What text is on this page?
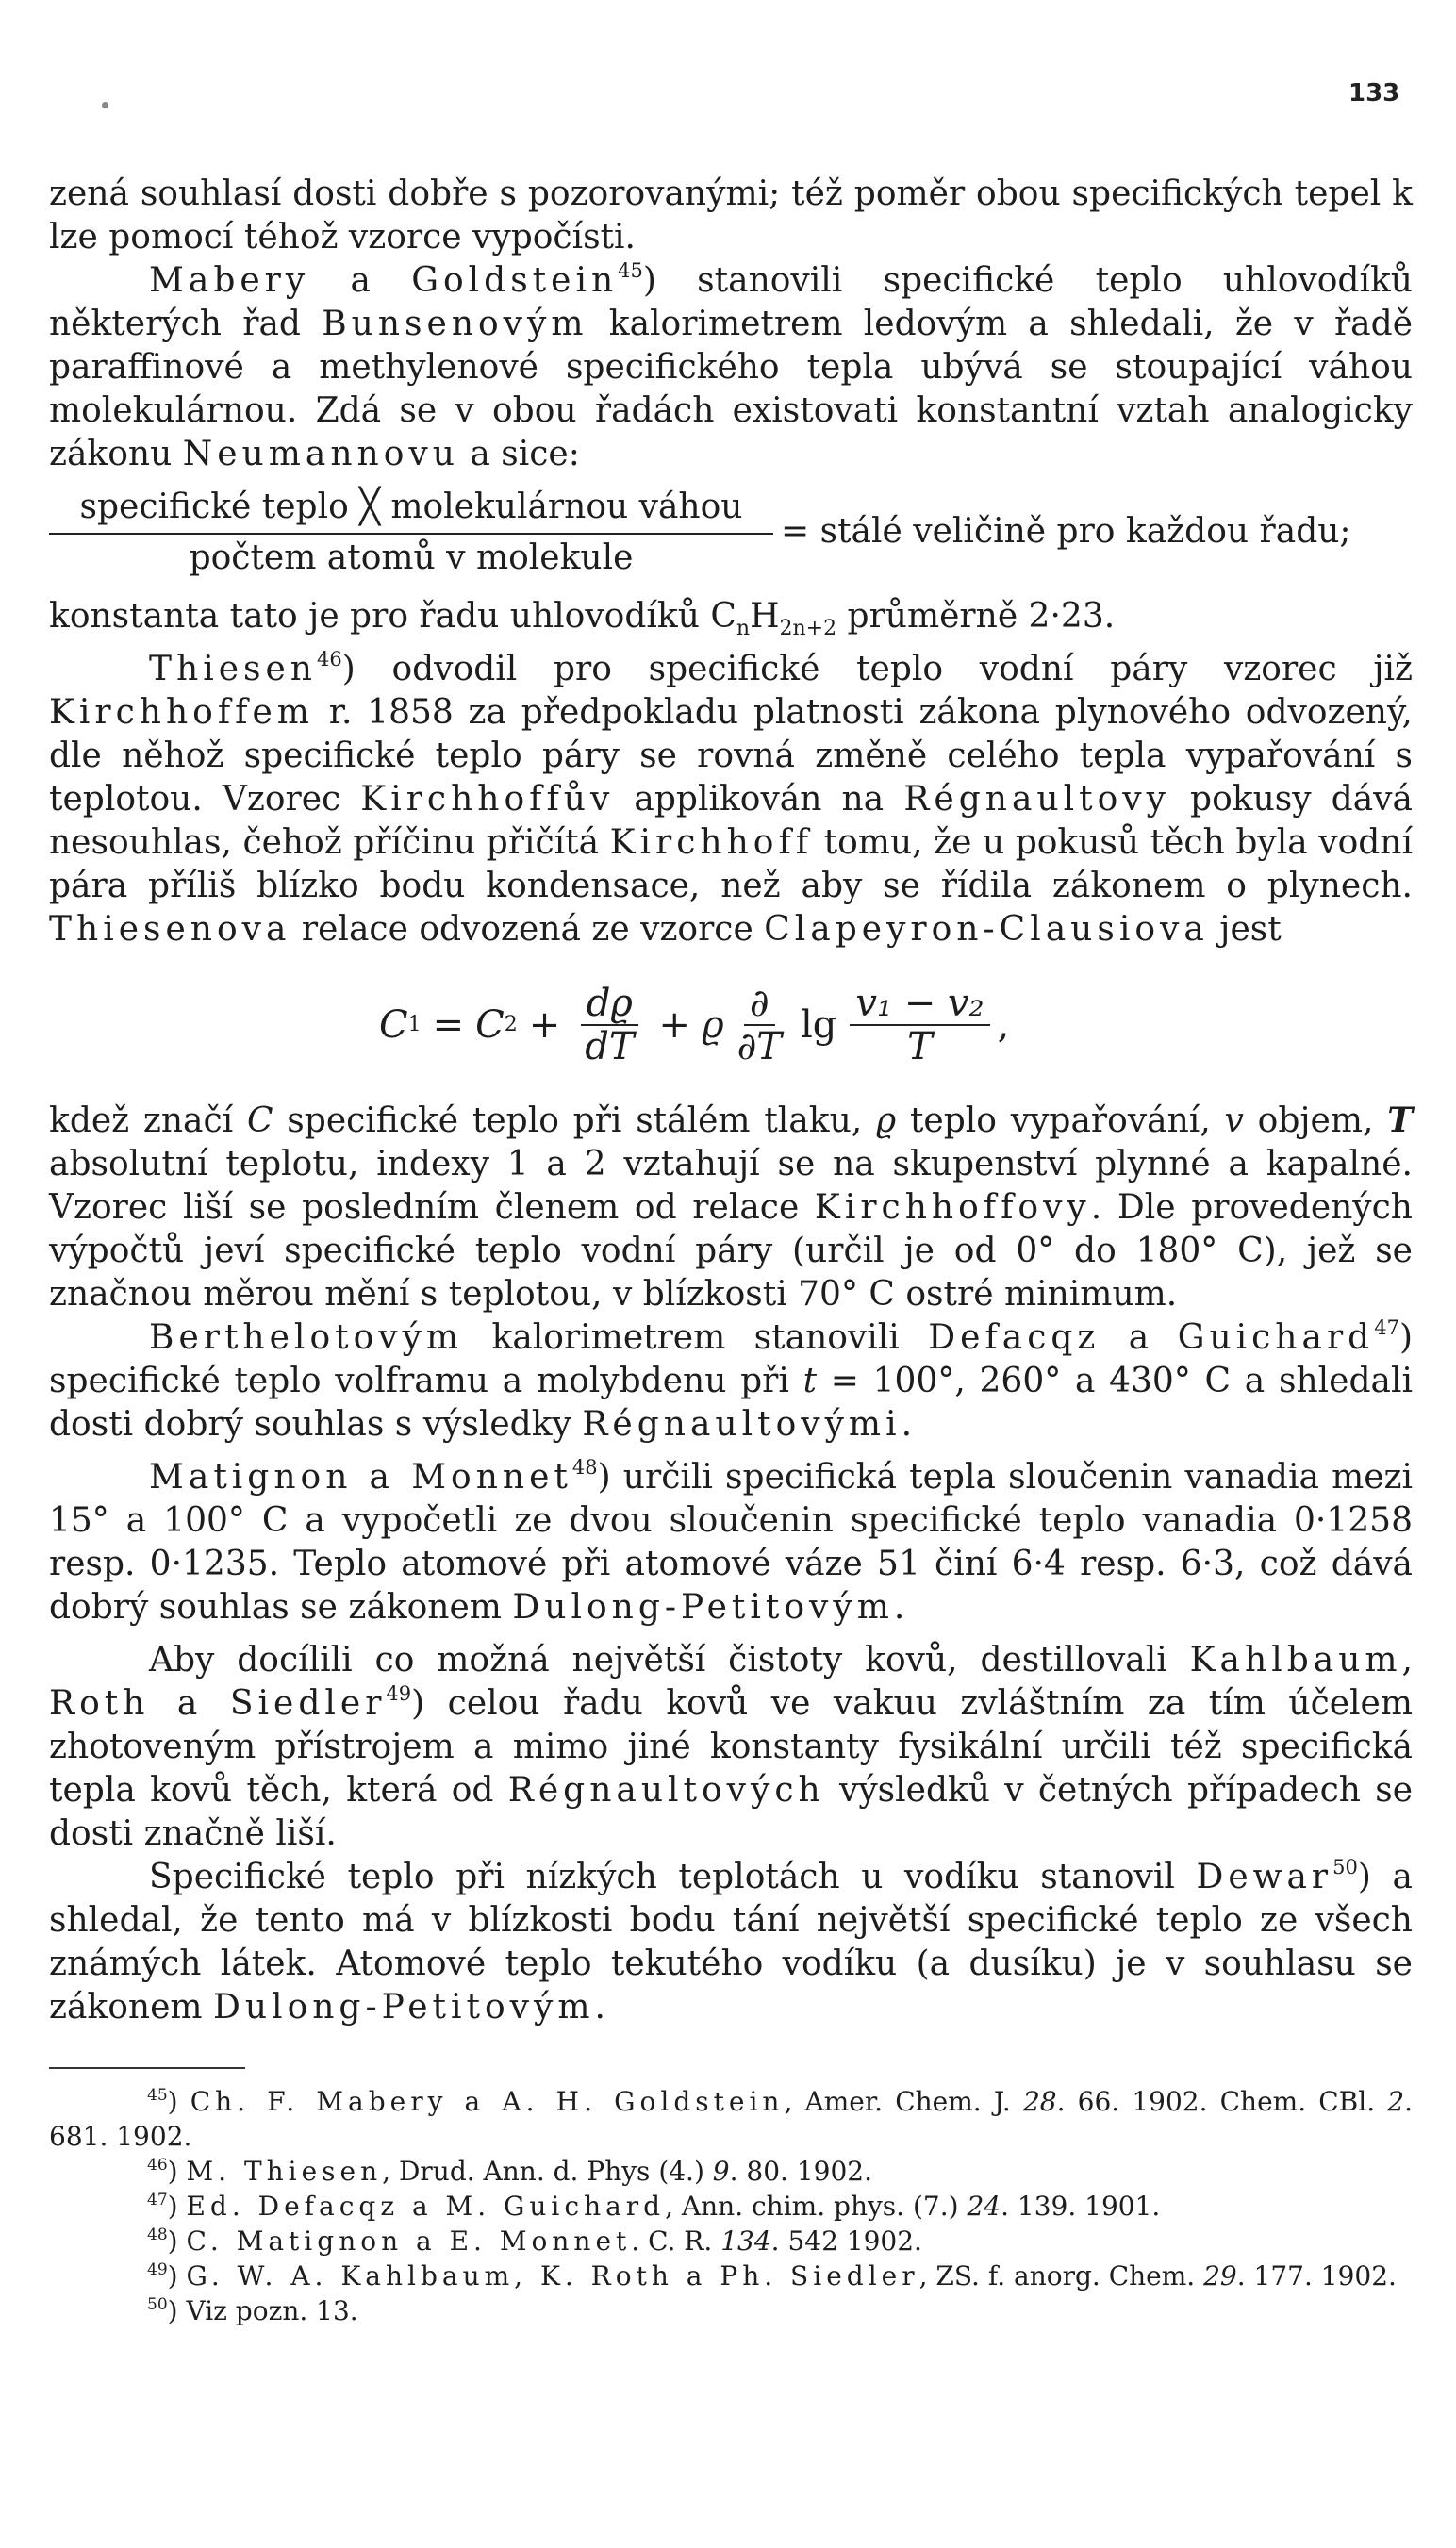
133

zená souhlasí dosti dobře s pozorovanými; též poměr obou specifických tepel k lze pomocí téhož vzorce vypočísti.

Mabery a Goldstein$^{45}$) stanovili specifické teplo uhlovodíků některých řad Bunsenovým kalorimetrem ledovým a shledali, že v řadě paraffinové a methylenové specifického tepla ubývá se stoupající váhou molekulárnou. Zdá se v obou řadách existovati konstantní vztah analogicky zákonu Neumannovu a sice:

specifické teplo ╳ molekulárnou váhou
počtem atomů v molekule
= stálé veličině pro každou řadu;

konstanta tato je pro řadu uhlovodíků $C_nH_{2n+2}$ průměrně 2·23.

Thiesen$^{46}$) odvodil pro specifické teplo vodní páry vzorec již Kirchhoffem r. 1858 za předpokladu platnosti zákona plynového odvozený, dle něhož specifické teplo páry se rovná změně celého tepla vypařování s teplotou. Vzorec Kirchhoffův applikován na Régnaultovy pokusy dává nesouhlas, čehož příčinu přičítá Kirchhoff tomu, že u pokusů těch byla vodní pára příliš blízko bodu kondensace, než aby se řídila zákonem o plynech. Thiesenova relace odvozená ze vzorce Clapeyron-Clausiova jest

C 1 = C $2 + \frac{dϱ}{dT} + ϱ \frac{\partial}{\partial T}$ $\lg \frac{\text{v₁ − v₂}}{T}$ ,

kdež značí C specifické teplo při stálém tlaku, ϱ teplo vypařování, v objem, T absolutní teplotu, indexy 1 a 2 vztahují se na skupenství plynné a kapalné. Vzorec liší se posledním členem od relace Kirchhoffovy. Dle provedených výpočtů jeví specifické teplo vodní páry (určil je od 0° do 180° C), jež se značnou měrou mění s teplotou, v blízkosti 70° C ostré minimum.

Berthelotovým kalorimetrem stanovili Defacqz a Guichard$^{47}$) specifické teplo volframu a molybdenu při t = 100°, 260° a 430° C a shledali dosti dobrý souhlas s výsledky Régnaultovými.

Matignon a Monnet$^{48}$) určili specifická tepla sloučenin vanadia mezi 15° a 100° C a vypočetli ze dvou sloučenin specifické teplo vanadia 0·1258 resp. 0·1235. Teplo atomové při atomové váze 51 činí 6·4 resp. 6·3, což dává dobrý souhlas se zákonem Dulong-Petitovým.

Aby docílili co možná největší čistoty kovů, destillovali Kahlbaum, Roth a Siedler$^{49}$) celou řadu kovů ve vakuu zvláštním za tím účelem zhotoveným přístrojem a mimo jiné konstanty fysikální určili též specifická tepla kovů těch, která od Régnaultových výsledků v četných případech se dosti značně liší.

Specifické teplo při nízkých teplotách u vodíku stanovil Dewar$^{50}$) a shledal, že tento má v blízkosti bodu tání největší specifické teplo ze všech známých látek. Atomové teplo tekutého vodíku (a dusíku) je v souhlasu se zákonem Dulong-Petitovým.

$^{45}$) Ch. F. Mabery a A. H. Goldstein, Amer. Chem. J. 28. 66. 1902. Chem. CBl. 2. 681. 1902.

$^{46}$) M. Thiesen, Drud. Ann. d. Phys (4.) 9. 80. 1902.

$^{47}$) Ed. Defacqz a M. Guichard, Ann. chim. phys. (7.) 24. 139. 1901.

$^{48}$) C. Matignon a E. Monnet. C. R. 134. 542 1902.

$^{49}$) G. W. A. Kahlbaum, K. Roth a Ph. Siedler, ZS. f. anorg. Chem. 29. 177. 1902.

$^{50}$) Viz pozn. 13.
